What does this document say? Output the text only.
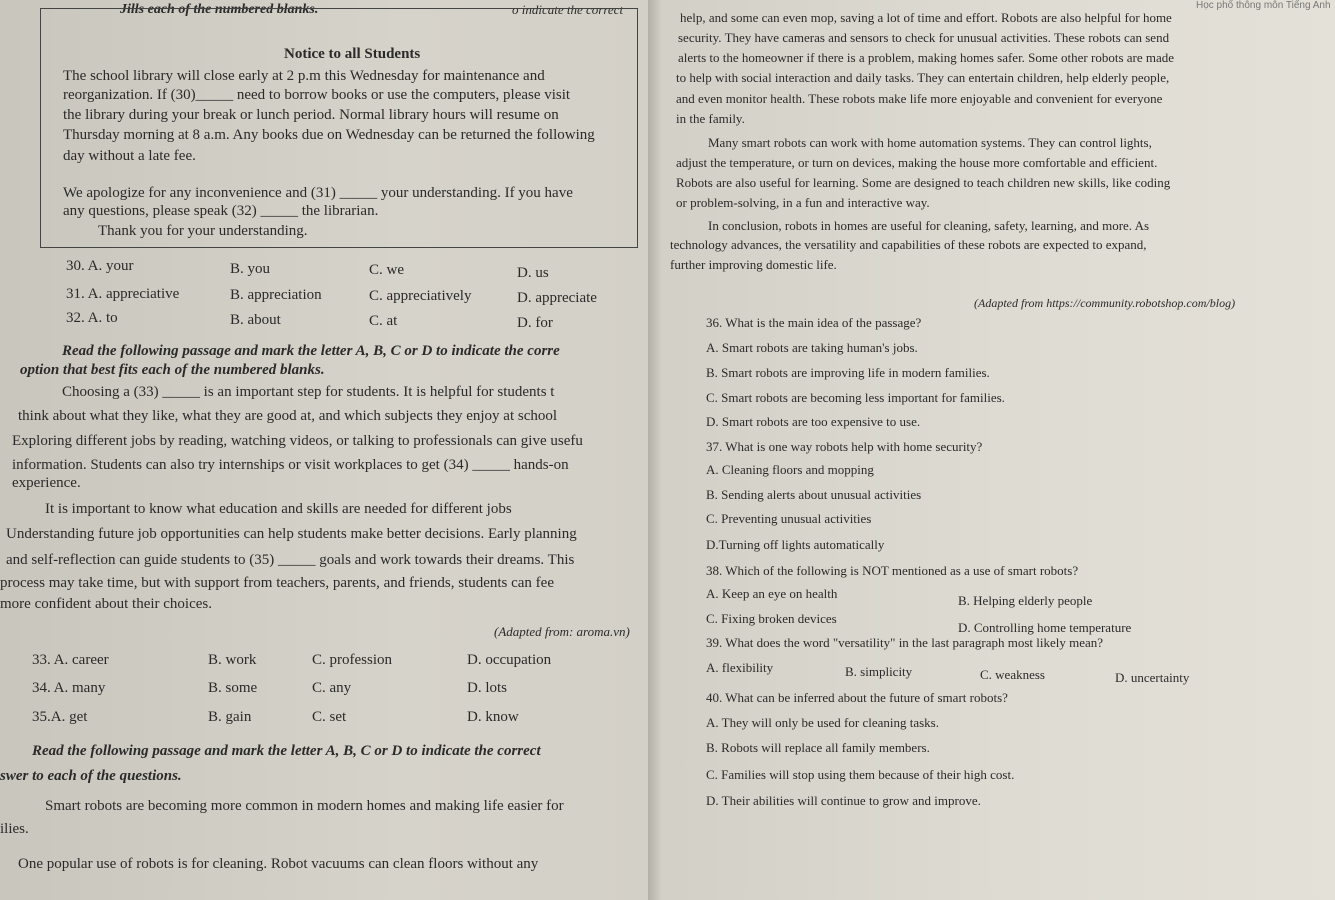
Jills each of the numbered blanks.	o indicate the correct
Notice to all Students
The school library will close early at 2 p.m this Wednesday for maintenance and
reorganization. If (30)_____ need to borrow books or use the computers, please visit
the library during your break or lunch period. Normal library hours will resume on
Thursday morning at 8 a.m. Any books due on Wednesday can be returned the following
day without a late fee.
We apologize for any inconvenience and (31) _____ your understanding. If you have
any questions, please speak (32) _____ the librarian.
Thank you for your understanding.
30. A. your	B. you	C. we	D. us
31. A. appreciative	B. appreciation	C. appreciatively	D. appreciate
32. A. to	B. about	C. at	D. for
Read the following passage and mark the letter A, B, C or D to indicate the corre
option that best fits each of the numbered blanks.
Choosing a (33) _____ is an important step for students. It is helpful for students t
think about what they like, what they are good at, and which subjects they enjoy at school
Exploring different jobs by reading, watching videos, or talking to professionals can give usefu
information. Students can also try internships or visit workplaces to get (34) _____ hands-on
experience.
It is important to know what education and skills are needed for different jobs
Understanding future job opportunities can help students make better decisions. Early planning
and self-reflection can guide students to (35) _____ goals and work towards their dreams. This
process may take time, but with support from teachers, parents, and friends, students can fee
more confident about their choices.
(Adapted from: aroma.vn)
33. A. career	B. work	C. profession	D. occupation
34. A. many	B. some	C. any	D. lots
35.A. get	B. gain	C. set	D. know
Read the following passage and mark the letter A, B, C or D to indicate the correct
swer to each of the questions.
Smart robots are becoming more common in modern homes and making life easier for
ilies.
One popular use of robots is for cleaning. Robot vacuums can clean floors without any
Học phổ thông môn Tiếng Anh
help, and some can even mop, saving a lot of time and effort. Robots are also helpful for home
security. They have cameras and sensors to check for unusual activities. These robots can send
alerts to the homeowner if there is a problem, making homes safer. Some other robots are made
to help with social interaction and daily tasks. They can entertain children, help elderly people,
and even monitor health. These robots make life more enjoyable and convenient for everyone
in the family.
Many smart robots can work with home automation systems. They can control lights,
adjust the temperature, or turn on devices, making the house more comfortable and efficient.
Robots are also useful for learning. Some are designed to teach children new skills, like coding
or problem-solving, in a fun and interactive way.
In conclusion, robots in homes are useful for cleaning, safety, learning, and more. As
technology advances, the versatility and capabilities of these robots are expected to expand,
further improving domestic life.
(Adapted from https://community.robotshop.com/blog)
36. What is the main idea of the passage?
A. Smart robots are taking human's jobs.
B. Smart robots are improving life in modern families.
C. Smart robots are becoming less important for families.
D. Smart robots are too expensive to use.
37. What is one way robots help with home security?
A. Cleaning floors and mopping
B. Sending alerts about unusual activities
C. Preventing unusual activities
D.Turning off lights automatically
38. Which of the following is NOT mentioned as a use of smart robots?
A. Keep an eye on health	B. Helping elderly people
C. Fixing broken devices
D. Controlling home temperature
39. What does the word "versatility" in the last paragraph most likely mean?
A. flexibility	B. simplicity	C. weakness	D. uncertainty
40. What can be inferred about the future of smart robots?
A. They will only be used for cleaning tasks.
B. Robots will replace all family members.
C. Families will stop using them because of their high cost.
D. Their abilities will continue to grow and improve.
